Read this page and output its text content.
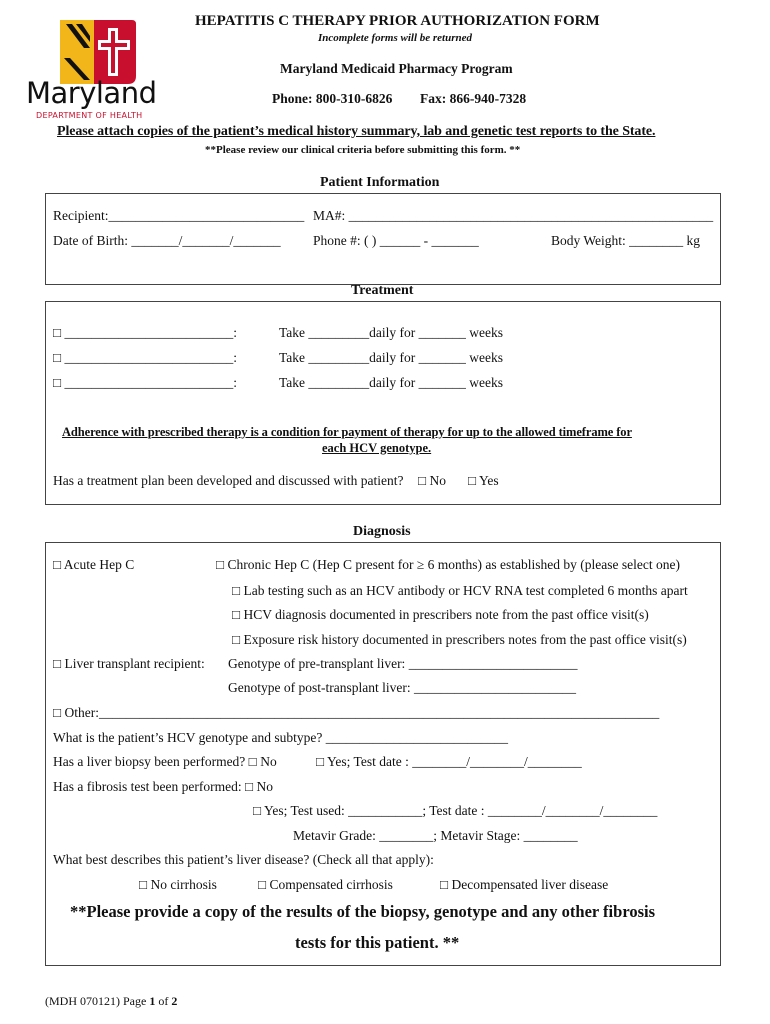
Maryland
DEPARTMENT OF HEALTH
HEPATITIS C THERAPY PRIOR AUTHORIZATION FORM
Incomplete forms will be returned
Maryland Medicaid Pharmacy Program
Phone: 800-310-6826 Fax: 866-940-7328
Please attach copies of the patient’s medical history summary, lab and genetic test reports to the State.
**Please review our clinical criteria before submitting this form. **
Patient Information
Recipient:_____________________________ MA#: ______________________________________________________
Date of Birth: _______/_______/_______ Phone #: ( ) ______ - _______	Body Weight: ________ kg
Treatment
□ _________________________:	Take _________daily for _______ weeks
□ _________________________:	Take _________daily for _______ weeks
□ _________________________:	Take _________daily for _______ weeks
Adherence with prescribed therapy is a condition for payment of therapy for up to the allowed timeframe for
each HCV genotype.
Has a treatment plan been developed and discussed with patient? □ No □ Yes
Diagnosis
□ Acute Hep C	□ Chronic Hep C (Hep C present for ≥ 6 months) as established by (please select one)
□ Lab testing such as an HCV antibody or HCV RNA test completed 6 months apart
□ HCV diagnosis documented in prescribers note from the past office visit(s)
□ Exposure risk history documented in prescribers notes from the past office visit(s)
□ Liver transplant recipient: Genotype of pre-transplant liver: _________________________
Genotype of post-transplant liver: ________________________
□ Other:___________________________________________________________________________________
What is the patient’s HCV genotype and subtype? ___________________________
Has a liver biopsy been performed? □ No	□ Yes; Test date : ________/________/________
Has a fibrosis test been performed: □ No
□ Yes; Test used: ___________; Test date : ________/________/________
Metavir Grade: ________; Metavir Stage: ________
What best describes this patient’s liver disease? (Check all that apply):
□ No cirrhosis	□ Compensated cirrhosis	□ Decompensated liver disease
**Please provide a copy of the results of the biopsy, genotype and any other fibrosis
tests for this patient. **
(MDH 070121) Page 1 of 2
